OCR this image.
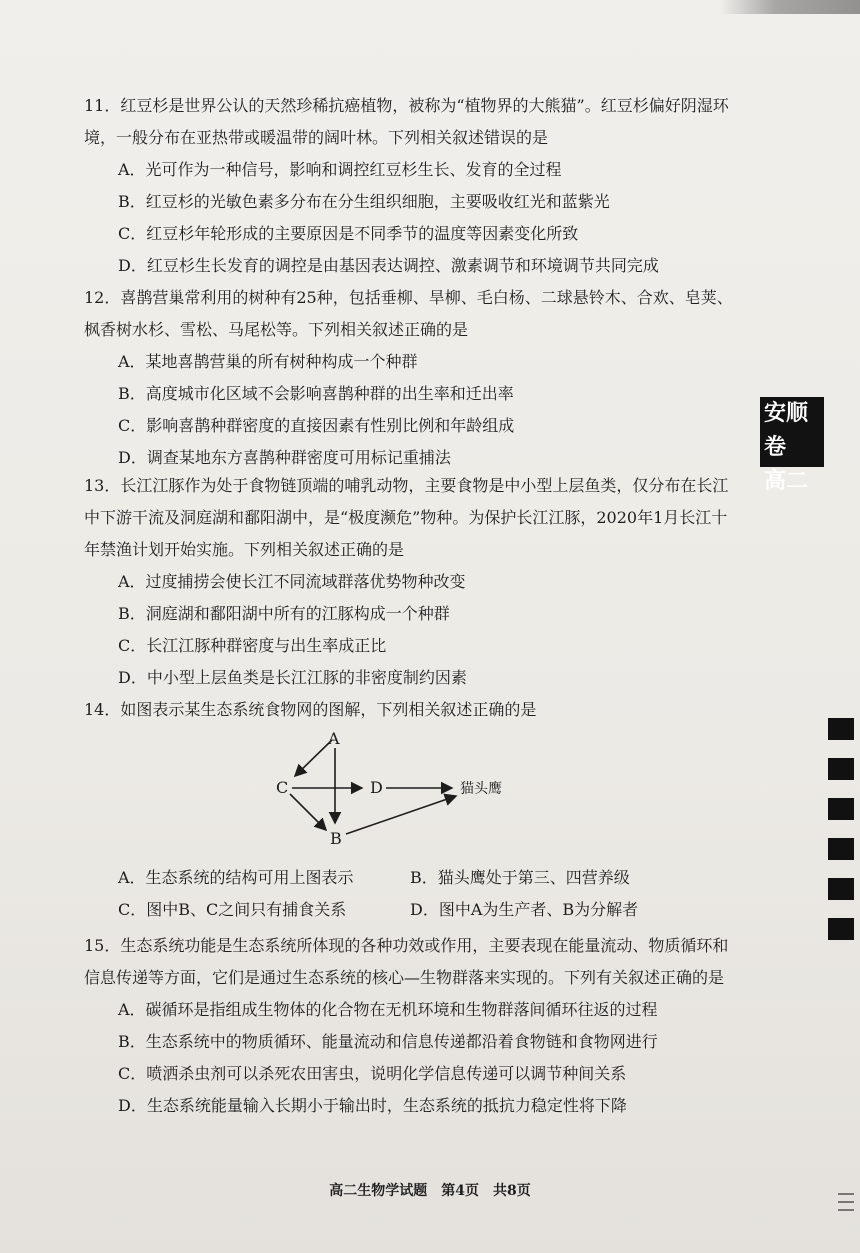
11．红豆杉是世界公认的天然珍稀抗癌植物，被称为“植物界的大熊猫”。红豆杉偏好阴湿环境，一般分布在亚热带或暖温带的阔叶林。下列相关叙述错误的是
A．光可作为一种信号，影响和调控红豆杉生长、发育的全过程
B．红豆杉的光敏色素多分布在分生组织细胞，主要吸收红光和蓝紫光
C．红豆杉年轮形成的主要原因是不同季节的温度等因素变化所致
D．红豆杉生长发育的调控是由基因表达调控、激素调节和环境调节共同完成
12．喜鹊营巢常利用的树种有25种，包括垂柳、旱柳、毛白杨、二球悬铃木、合欢、皂荚、枫香树水杉、雪松、马尾松等。下列相关叙述正确的是
A．某地喜鹊营巢的所有树种构成一个种群
B．高度城市化区域不会影响喜鹊种群的出生率和迁出率
C．影响喜鹊种群密度的直接因素有性别比例和年龄组成
D．调查某地东方喜鹊种群密度可用标记重捕法
13．长江江豚作为处于食物链顶端的哺乳动物，主要食物是中小型上层鱼类，仅分布在长江中下游干流及洞庭湖和鄱阳湖中，是“极度濒危”物种。为保护长江江豚，2020年1月长江十年禁渔计划开始实施。下列相关叙述正确的是
A．过度捕捞会使长江不同流域群落优势物种改变
B．洞庭湖和鄱阳湖中所有的江豚构成一个种群
C．长江江豚种群密度与出生率成正比
D．中小型上层鱼类是长江江豚的非密度制约因素
14．如图表示某生态系统食物网的图解，下列相关叙述正确的是
A
C	D
B
猫头鹰
A．生态系统的结构可用上图表示	B．猫头鹰处于第三、四营养级
C．图中B、C之间只有捕食关系	D．图中A为生产者、B为分解者
15．生态系统功能是生态系统所体现的各种功效或作用，主要表现在能量流动、物质循环和信息传递等方面，它们是通过生态系统的核心—生物群落来实现的。下列有关叙述正确的是
A．碳循环是指组成生物体的化合物在无机环境和生物群落间循环往返的过程
B．生态系统中的物质循环、能量流动和信息传递都沿着食物链和食物网进行
C．喷洒杀虫剂可以杀死农田害虫，说明化学信息传递可以调节种间关系
D．生态系统能量输入长期小于输出时，生态系统的抵抗力稳定性将下降
安顺卷
高二
高二生物学试题　第4页　共8页
